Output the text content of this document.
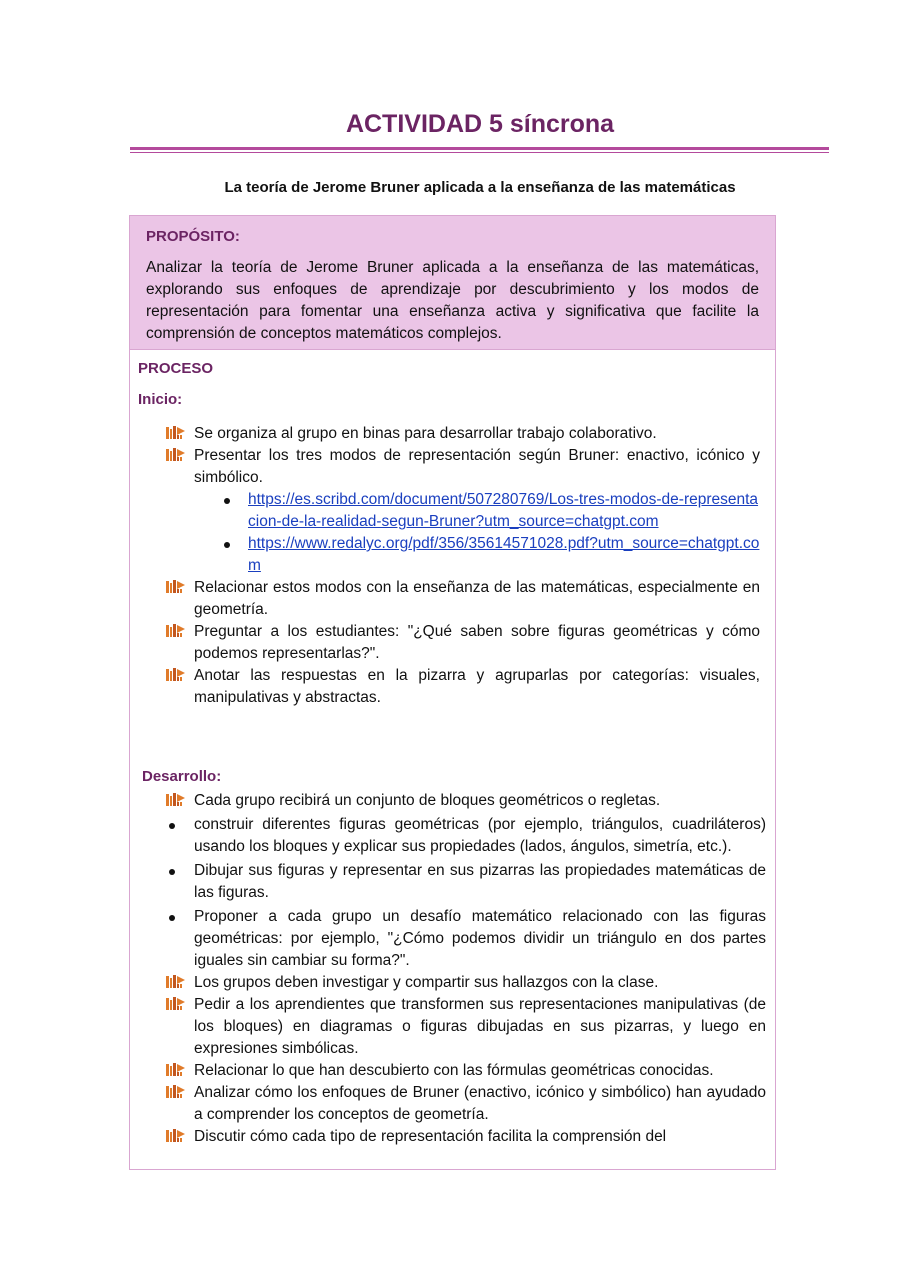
ACTIVIDAD 5 síncrona
La teoría de Jerome Bruner aplicada a la enseñanza de las matemáticas

PROPÓSITO:

Analizar la teoría de Jerome Bruner aplicada a la enseñanza de las matemáticas, explorando sus enfoques de aprendizaje por descubrimiento y los modos de representación para fomentar una enseñanza activa y significativa que facilite la comprensión de conceptos matemáticos complejos.

PROCESO

Inicio:

Se organiza al grupo en binas para desarrollar trabajo colaborativo.
Presentar los tres modos de representación según Bruner: enactivo, icónico y simbólico.
https://es.scribd.com/document/507280769/Los-tres-modos-de-representacion-de-la-realidad-segun-Bruner?utm_source=chatgpt.com
https://www.redalyc.org/pdf/356/35614571028.pdf?utm_source=chatgpt.com
Relacionar estos modos con la enseñanza de las matemáticas, especialmente en geometría.
Preguntar a los estudiantes: "¿Qué saben sobre figuras geométricas y cómo podemos representarlas?".
Anotar las respuestas en la pizarra y agruparlas por categorías: visuales, manipulativas y abstractas.

Desarrollo:

Cada grupo recibirá un conjunto de bloques geométricos o regletas.
construir diferentes figuras geométricas (por ejemplo, triángulos, cuadriláteros) usando los bloques y explicar sus propiedades (lados, ángulos, simetría, etc.).
Dibujar sus figuras y representar en sus pizarras las propiedades matemáticas de las figuras.
Proponer a cada grupo un desafío matemático relacionado con las figuras geométricas: por ejemplo, "¿Cómo podemos dividir un triángulo en dos partes iguales sin cambiar su forma?".
Los grupos deben investigar y compartir sus hallazgos con la clase.
Pedir a los aprendientes que transformen sus representaciones manipulativas (de los bloques) en diagramas o figuras dibujadas en sus pizarras, y luego en expresiones simbólicas.
Relacionar lo que han descubierto con las fórmulas geométricas conocidas.
Analizar cómo los enfoques de Bruner (enactivo, icónico y simbólico) han ayudado a comprender los conceptos de geometría.
Discutir cómo cada tipo de representación facilita la comprensión del
